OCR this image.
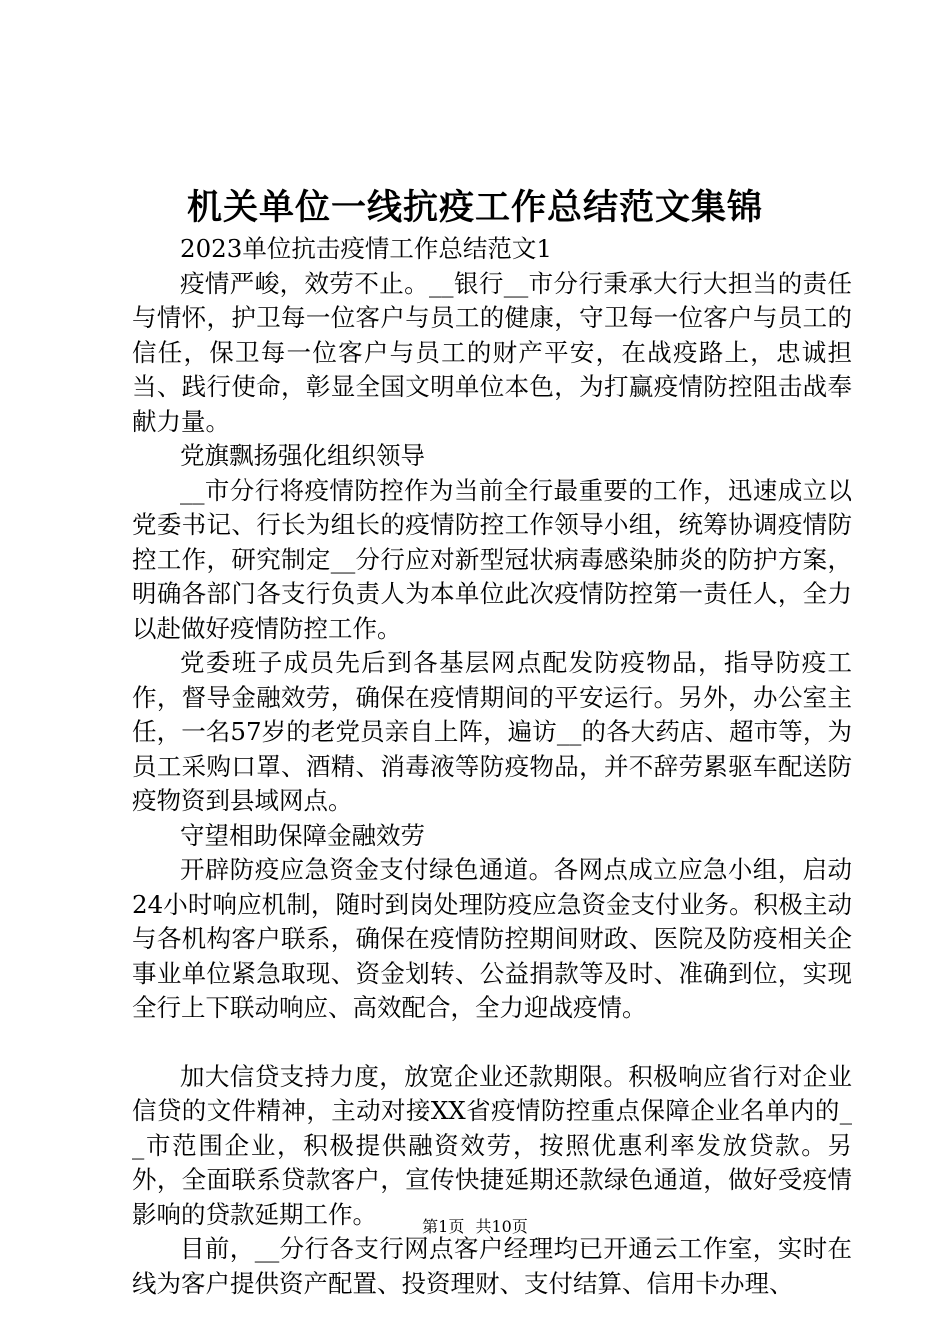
机关单位一线抗疫工作总结范文集锦

2023单位抗击疫情工作总结范文1

疫情严峻，效劳不止。__银行__市分行秉承大行大担当的责任与情怀，护卫每一位客户与员工的健康，守卫每一位客户与员工的信任，保卫每一位客户与员工的财产平安，在战疫路上，忠诚担当、践行使命，彰显全国文明单位本色，为打赢疫情防控阻击战奉献力量。

党旗飘扬强化组织领导

__市分行将疫情防控作为当前全行最重要的工作，迅速成立以党委书记、行长为组长的疫情防控工作领导小组，统筹协调疫情防控工作，研究制定__分行应对新型冠状病毒感染肺炎的防护方案，明确各部门各支行负责人为本单位此次疫情防控第一责任人，全力以赴做好疫情防控工作。

党委班子成员先后到各基层网点配发防疫物品，指导防疫工作，督导金融效劳，确保在疫情期间的平安运行。另外，办公室主任，一名57岁的老党员亲自上阵，遍访__的各大药店、超市等，为员工采购口罩、酒精、消毒液等防疫物品，并不辞劳累驱车配送防疫物资到县域网点。

守望相助保障金融效劳

开辟防疫应急资金支付绿色通道。各网点成立应急小组，启动24小时响应机制，随时到岗处理防疫应急资金支付业务。积极主动与各机构客户联系，确保在疫情防控期间财政、医院及防疫相关企事业单位紧急取现、资金划转、公益捐款等及时、准确到位，实现全行上下联动响应、高效配合，全力迎战疫情。

加大信贷支持力度，放宽企业还款期限。积极响应省行对企业信贷的文件精神，主动对接XX省疫情防控重点保障企业名单内的__市范围企业，积极提供融资效劳，按照优惠利率发放贷款。另外，全面联系贷款客户，宣传快捷延期还款绿色通道，做好受疫情影响的贷款延期工作。

目前，__分行各支行网点客户经理均已开通云工作室，实时在线为客户提供资产配置、投资理财、支付结算、信用卡办理、

第1页 共10页
